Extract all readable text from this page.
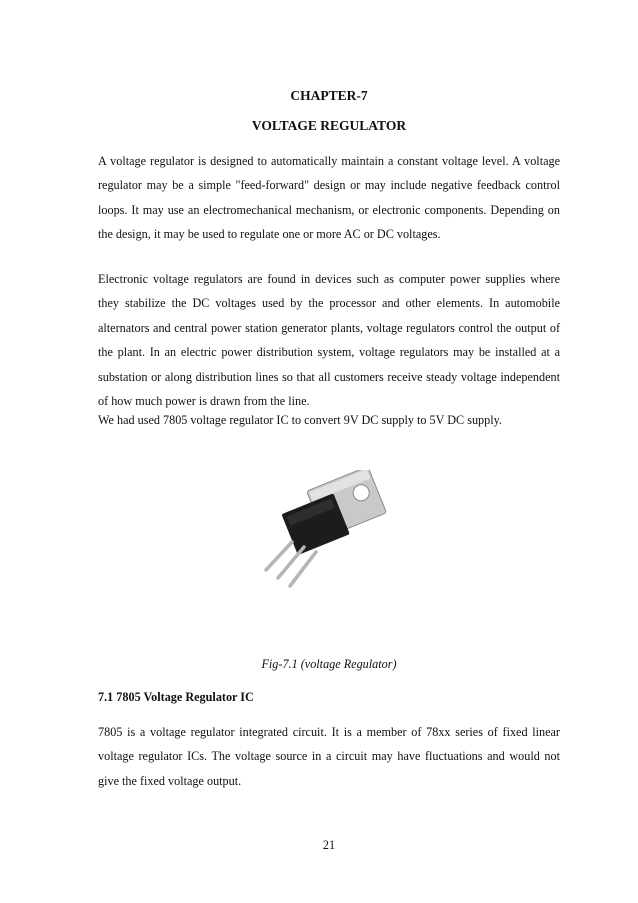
CHAPTER-7
VOLTAGE REGULATOR

A voltage regulator is designed to automatically maintain a constant voltage level. A voltage regulator may be a simple "feed-forward" design or may include negative feedback control loops. It may use an electromechanical mechanism, or electronic components. Depending on the design, it may be used to regulate one or more AC or DC voltages.

Electronic voltage regulators are found in devices such as computer power supplies where they stabilize the DC voltages used by the processor and other elements. In automobile alternators and central power station generator plants, voltage regulators control the output of the plant. In an electric power distribution system, voltage regulators may be installed at a substation or along distribution lines so that all customers receive steady voltage independent of how much power is drawn from the line.

We had used 7805 voltage regulator IC to convert 9V DC supply to 5V DC supply.

Fig-7.1 (voltage Regulator)
7.1 7805 Voltage Regulator IC

7805 is a voltage regulator integrated circuit. It is a member of 78xx series of fixed linear voltage regulator ICs. The voltage source in a circuit may have fluctuations and would not give the fixed voltage output.

21
